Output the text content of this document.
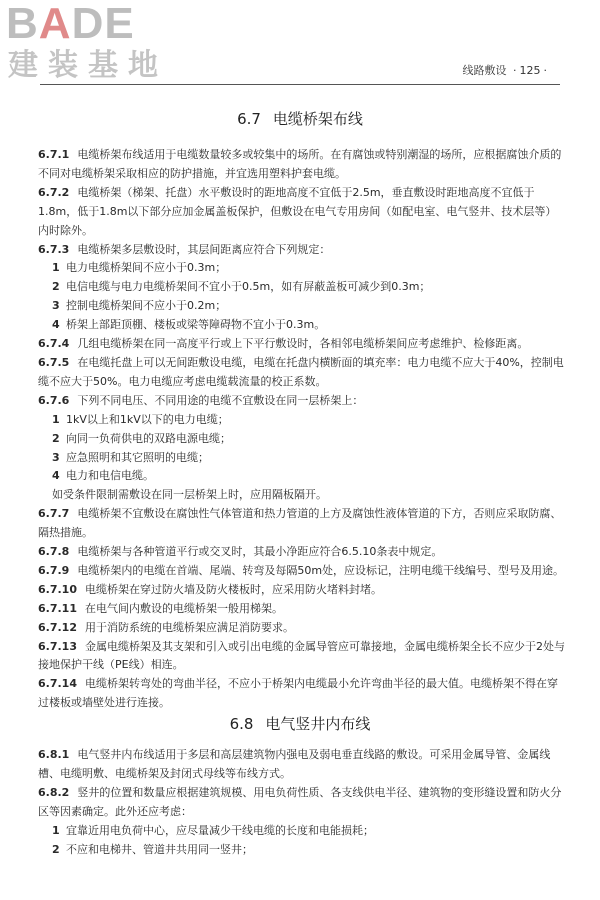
BADE
建装基地	线路敷设 · 125 ·
6.7 电缆桥架布线

6.7.1 电缆桥架布线适用于电缆数量较多或较集中的场所。在有腐蚀或特别潮湿的场所，应根据腐蚀介质的不同对电缆桥架采取相应的防护措施，并宜选用塑料护套电缆。

6.7.2 电缆桥架（梯架、托盘）水平敷设时的距地高度不宜低于2.5m，垂直敷设时距地高度不宜低于1.8m，低于1.8m以下部分应加金属盖板保护，但敷设在电气专用房间（如配电室、电气竖井、技术层等）内时除外。

6.7.3 电缆桥架多层敷设时，其层间距离应符合下列规定：

1 电力电缆桥架间不应小于0.3m；
2 电信电缆与电力电缆桥架间不宜小于0.5m，如有屏蔽盖板可减少到0.3m；
3 控制电缆桥架间不应小于0.2m；
4 桥架上部距顶棚、楼板或梁等障碍物不宜小于0.3m。

6.7.4 几组电缆桥架在同一高度平行或上下平行敷设时，各相邻电缆桥架间应考虑维护、检修距离。

6.7.5 在电缆托盘上可以无间距敷设电缆，电缆在托盘内横断面的填充率：电力电缆不应大于40%，控制电缆不应大于50%。电力电缆应考虑电缆载流量的校正系数。

6.7.6 下列不同电压、不同用途的电缆不宜敷设在同一层桥架上：

1 1kV以上和1kV以下的电力电缆；
2 向同一负荷供电的双路电源电缆；
3 应急照明和其它照明的电缆；
4 电力和电信电缆。
如受条件限制需敷设在同一层桥架上时，应用隔板隔开。

6.7.7 电缆桥架不宜敷设在腐蚀性气体管道和热力管道的上方及腐蚀性液体管道的下方，否则应采取防腐、隔热措施。

6.7.8 电缆桥架与各种管道平行或交叉时，其最小净距应符合6.5.10条表中规定。

6.7.9 电缆桥架内的电缆在首端、尾端、转弯及每隔50m处，应设标记，注明电缆干线编号、型号及用途。

6.7.10 电缆桥架在穿过防火墙及防火楼板时，应采用防火堵料封堵。

6.7.11 在电气间内敷设的电缆桥架一般用梯架。

6.7.12 用于消防系统的电缆桥架应满足消防要求。

6.7.13 金属电缆桥架及其支架和引入或引出电缆的金属导管应可靠接地，金属电缆桥架全长不应少于2处与接地保护干线（PE线）相连。

6.7.14 电缆桥架转弯处的弯曲半径，不应小于桥架内电缆最小允许弯曲半径的最大值。电缆桥架不得在穿过楼板或墙壁处进行连接。

6.8 电气竖井内布线

6.8.1 电气竖井内布线适用于多层和高层建筑物内强电及弱电垂直线路的敷设。可采用金属导管、金属线槽、电缆明敷、电缆桥架及封闭式母线等布线方式。

6.8.2 竖井的位置和数量应根据建筑规模、用电负荷性质、各支线供电半径、建筑物的变形缝设置和防火分区等因素确定。此外还应考虑：

1 宜靠近用电负荷中心，应尽量减少干线电缆的长度和电能损耗；
2 不应和电梯井、管道井共用同一竖井；
